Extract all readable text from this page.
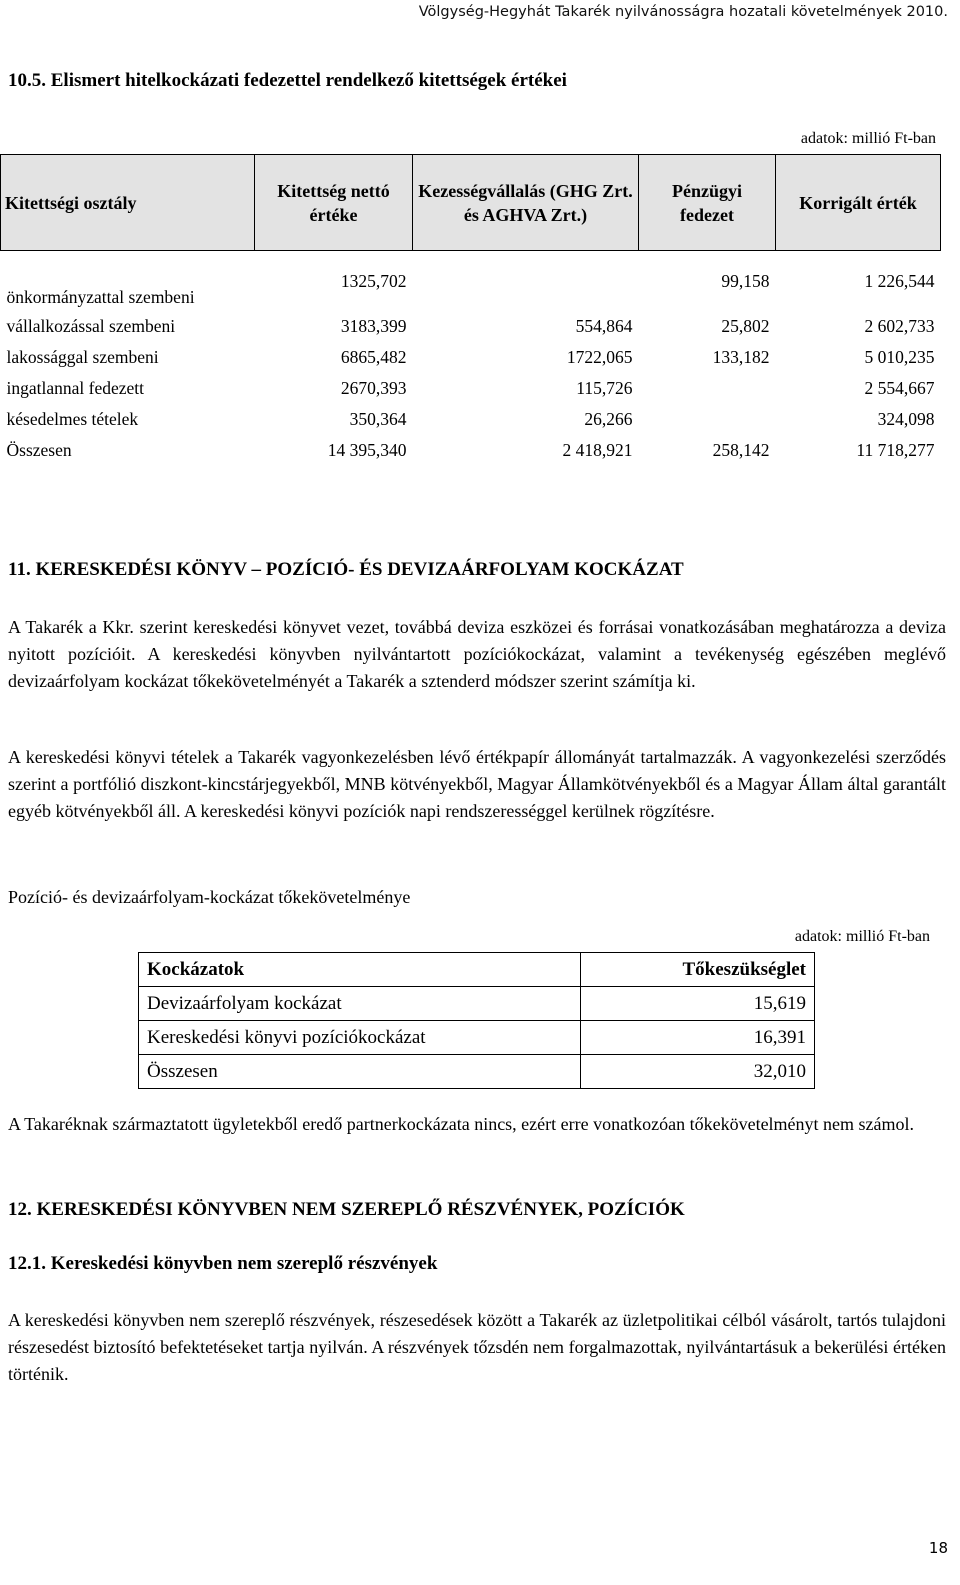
Völgység-Hegyhát Takarék nyilvánosságra hozatali követelmények 2010.
10.5. Elismert hitelkockázati fedezettel rendelkező kitettségek értékei
adatok: millió Ft-ban
Kitettségi osztály	Kitettség nettó értéke	Kezességvállalás (GHG Zrt. és AGHVA Zrt.)	Pénzügyi fedezet	Korrigált érték
önkormányzattal szembeni	1325,702		99,158	1 226,544
vállalkozással szembeni	3183,399	554,864	25,802	2 602,733
lakossággal szembeni	6865,482	1722,065	133,182	5 010,235
ingatlannal fedezett	2670,393	115,726		2 554,667
késedelmes tételek	350,364	26,266		324,098
Összesen	14 395,340	2 418,921	258,142	11 718,277
11. KERESKEDÉSI KÖNYV – POZÍCIÓ- ÉS DEVIZAÁRFOLYAM KOCKÁZAT

A Takarék a Kkr. szerint kereskedési könyvet vezet, továbbá deviza eszközei és forrásai vonatkozásában meghatározza a deviza nyitott pozícióit. A kereskedési könyvben nyilvántartott pozíciókockázat, valamint a tevékenység egészében meglévő devizaárfolyam kockázat tőkekövetelményét a Takarék a sztenderd módszer szerint számítja ki.

A kereskedési könyvi tételek a Takarék vagyonkezelésben lévő értékpapír állományát tartalmazzák. A vagyonkezelési szerződés szerint a portfólió diszkont-kincstárjegyekből, MNB kötvényekből, Magyar Államkötvényekből és a Magyar Állam által garantált egyéb kötvényekből áll. A kereskedési könyvi pozíciók napi rendszerességgel kerülnek rögzítésre.

Pozíció- és devizaárfolyam-kockázat tőkekövetelménye

adatok: millió Ft-ban
Kockázatok	Tőkeszükséglet
Devizaárfolyam kockázat	15,619
Kereskedési könyvi pozíciókockázat	16,391
Összesen	32,010

A Takaréknak származtatott ügyletekből eredő partnerkockázata nincs, ezért erre vonatkozóan tőkekövetelményt nem számol.

12. KERESKEDÉSI KÖNYVBEN NEM SZEREPLŐ RÉSZVÉNYEK, POZÍCIÓK
12.1. Kereskedési könyvben nem szereplő részvények

A kereskedési könyvben nem szereplő részvények, részesedések között a Takarék az üzletpolitikai célból vásárolt, tartós tulajdoni részesedést biztosító befektetéseket tartja nyilván. A részvények tőzsdén nem forgalmazottak, nyilvántartásuk a bekerülési értéken történik.

18
